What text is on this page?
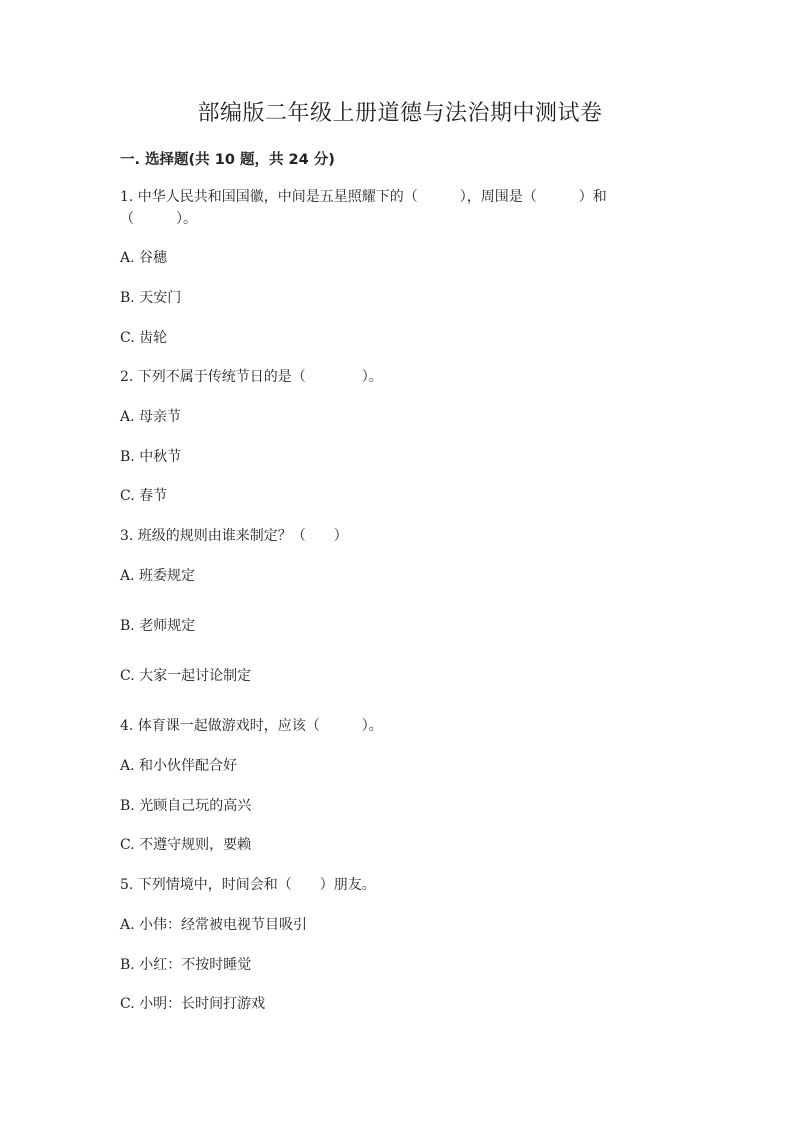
部编版二年级上册道德与法治期中测试卷
一. 选择题(共 10 题，共 24 分)
1. 中华人民共和国国徽，中间是五星照耀下的（　　　），周围是（　　　）和
（　　　）。
A. 谷穗
B. 天安门
C. 齿轮
2. 下列不属于传统节日的是（　　　　）。
A. 母亲节
B. 中秋节
C. 春节
3. 班级的规则由谁来制定？（　　）
A. 班委规定
B. 老师规定
C. 大家一起讨论制定
4. 体育课一起做游戏时，应该（　　　）。
A. 和小伙伴配合好
B. 光顾自己玩的高兴
C. 不遵守规则，要赖
5. 下列情境中，时间会和（　　）朋友。
A. 小伟：经常被电视节目吸引
B. 小红：不按时睡觉
C. 小明：长时间打游戏
